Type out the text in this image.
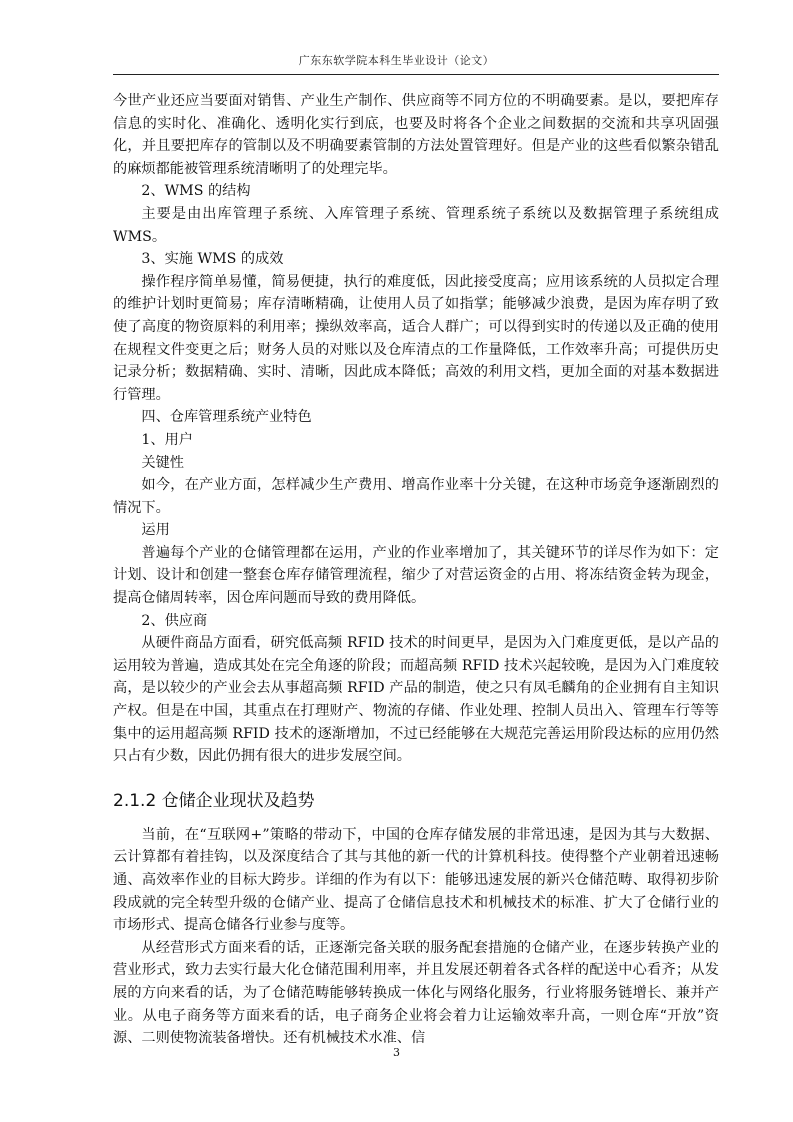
广东东软学院本科生毕业设计（论文）

今世产业还应当要面对销售、产业生产制作、供应商等不同方位的不明确要素。是以，要把库存信息的实时化、准确化、透明化实行到底，也要及时将各个企业之间数据的交流和共享巩固强化，并且要把库存的管制以及不明确要素管制的方法处置管理好。但是产业的这些看似繁杂错乱的麻烦都能被管理系统清晰明了的处理完毕。

2、WMS 的结构

主要是由出库管理子系统、入库管理子系统、管理系统子系统以及数据管理子系统组成 WMS。

3、实施 WMS 的成效

操作程序简单易懂，简易便捷，执行的难度低，因此接受度高；应用该系统的人员拟定合理的维护计划时更简易；库存清晰精确，让使用人员了如指掌；能够减少浪费，是因为库存明了致使了高度的物资原料的利用率；操纵效率高，适合人群广；可以得到实时的传递以及正确的使用在规程文件变更之后；财务人员的对账以及仓库清点的工作量降低，工作效率升高；可提供历史记录分析；数据精确、实时、清晰，因此成本降低；高效的利用文档，更加全面的对基本数据进行管理。

四、仓库管理系统产业特色

1、用户

关键性

如今，在产业方面，怎样减少生产费用、增高作业率十分关键，在这种市场竞争逐渐剧烈的情况下。

运用

普遍每个产业的仓储管理都在运用，产业的作业率增加了，其关键环节的详尽作为如下：定计划、设计和创建一整套仓库存储管理流程，缩少了对营运资金的占用、将冻结资金转为现金，提高仓储周转率，因仓库问题而导致的费用降低。

2、供应商

从硬件商品方面看，研究低高频 RFID 技术的时间更早，是因为入门难度更低，是以产品的运用较为普遍，造成其处在完全角逐的阶段；而超高频 RFID 技术兴起较晚，是因为入门难度较高，是以较少的产业会去从事超高频 RFID 产品的制造，使之只有凤毛麟角的企业拥有自主知识产权。但是在中国，其重点在打理财产、物流的存储、作业处理、控制人员出入、管理车行等等集中的运用超高频 RFID 技术的逐渐增加，不过已经能够在大规范完善运用阶段达标的应用仍然只占有少数，因此仍拥有很大的进步发展空间。

2.1.2 仓储企业现状及趋势

当前，在“互联网+”策略的带动下，中国的仓库存储发展的非常迅速，是因为其与大数据、云计算都有着挂钩，以及深度结合了其与其他的新一代的计算机科技。使得整个产业朝着迅速畅通、高效率作业的目标大跨步。详细的作为有以下：能够迅速发展的新兴仓储范畴、取得初步阶段成就的完全转型升级的仓储产业、提高了仓储信息技术和机械技术的标准、扩大了仓储行业的市场形式、提高仓储各行业参与度等。

从经营形式方面来看的话，正逐渐完备关联的服务配套措施的仓储产业，在逐步转换产业的营业形式，致力去实行最大化仓储范围利用率，并且发展还朝着各式各样的配送中心看齐；从发展的方向来看的话，为了仓储范畴能够转换成一体化与网络化服务，行业将服务链增长、兼并产业。从电子商务等方面来看的话，电子商务企业将会着力让运输效率升高，一则仓库“开放”资源、二则使物流装备增快。还有机械技术水准、信

3
